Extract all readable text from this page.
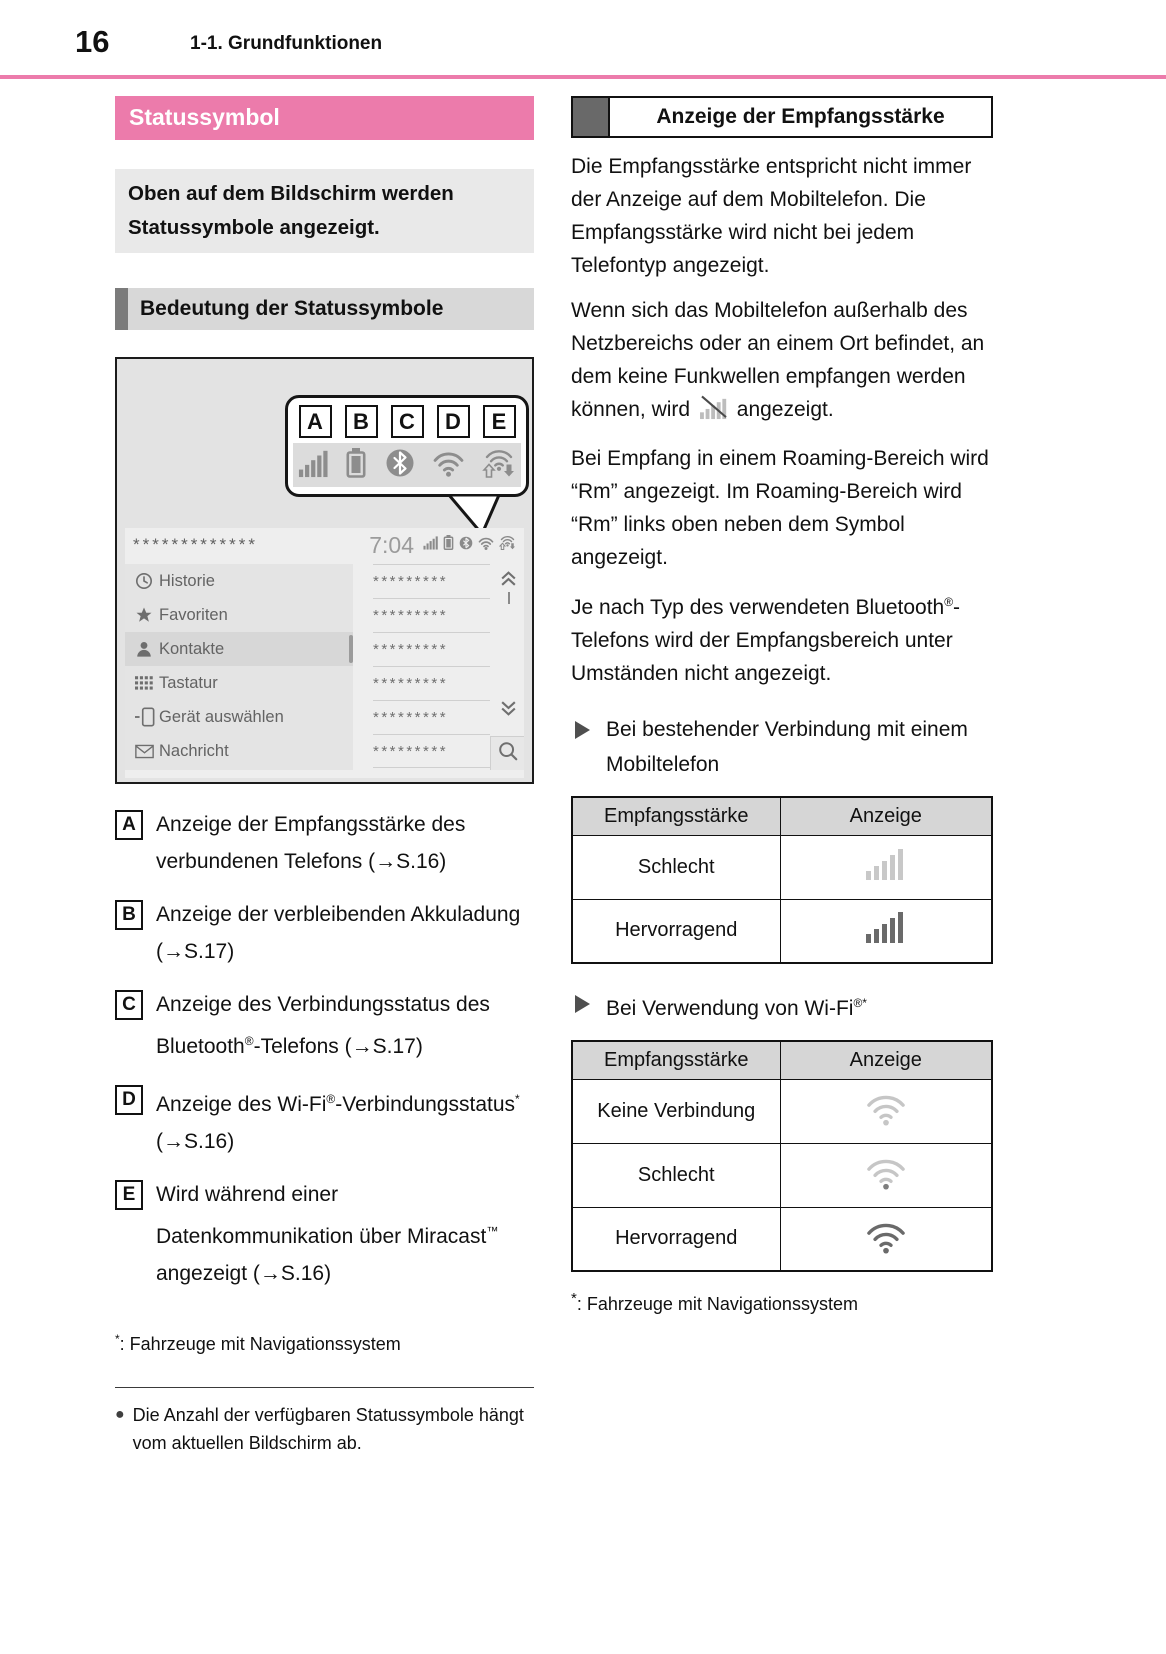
16	1-1. Grundfunktionen
Statussymbol
Oben auf dem Bildschirm werden Statussymbole angezeigt.
Bedeutung der Statussymbole
A	B	C	D	E
*************	7:04
Historie
Favoriten
Kontakte
Tastatur
Gerät auswählen
Nachricht
*********
*********
*********
*********
*********
*********
A Anzeige der Empfangsstärke des verbundenen Telefons (→S.16)
B Anzeige der verbleibenden Akkuladung (→S.17)
C Anzeige des Verbindungsstatus des Bluetooth®-Telefons (→S.17)
D Anzeige des Wi-Fi®-Verbindungsstatus* (→S.16)
E Wird während einer Datenkommunikation über Miracast™ angezeigt (→S.16)
*: Fahrzeuge mit Navigationssystem
● Die Anzahl der verfügbaren Statussymbole hängt vom aktuellen Bildschirm ab.
Anzeige der Empfangsstärke

Die Empfangsstärke entspricht nicht immer der Anzeige auf dem Mobiltelefon. Die Empfangsstärke wird nicht bei jedem Telefontyp angezeigt.

Wenn sich das Mobiltelefon außerhalb des Netzbereichs oder an einem Ort befindet, an dem keine Funkwellen empfangen werden können, wird angezeigt.

Bei Empfang in einem Roaming-Bereich wird “Rm” angezeigt. Im Roaming-Bereich wird “Rm” links oben neben dem Symbol angezeigt.

Je nach Typ des verwendeten Bluetooth®-Telefons wird der Empfangsbereich unter Umständen nicht angezeigt.

Bei bestehender Verbindung mit einem Mobiltelefon
Empfangsstärke	Anzeige
Schlecht	
Hervorragend	
Bei Verwendung von Wi-Fi®*
Empfangsstärke	Anzeige
Keine Verbindung	
Schlecht	
Hervorragend	
*: Fahrzeuge mit Navigationssystem
